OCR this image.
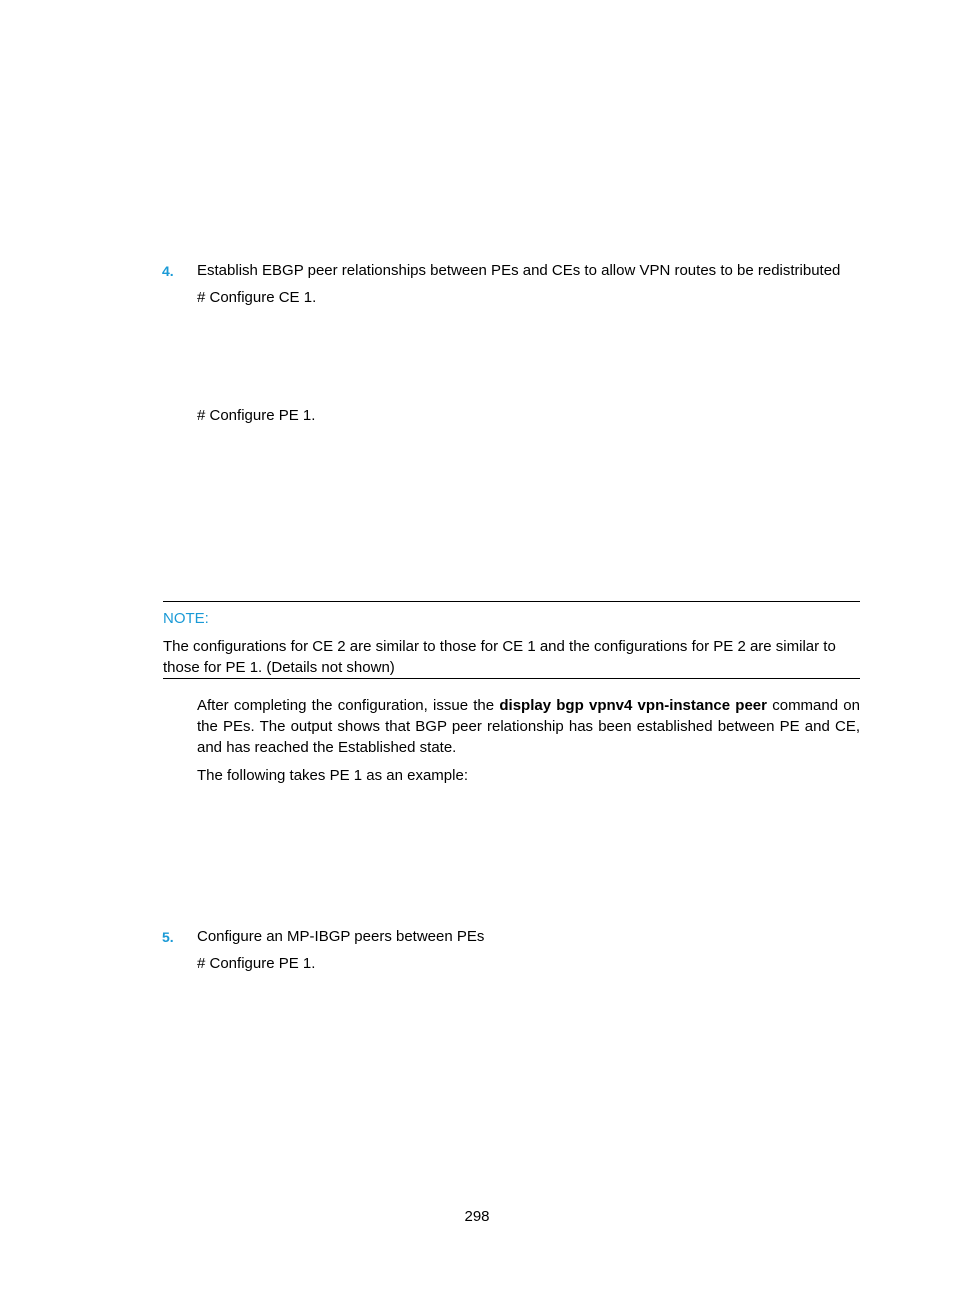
4. Establish EBGP peer relationships between PEs and CEs to allow VPN routes to be redistributed
# Configure CE 1.
# Configure PE 1.
NOTE:
The configurations for CE 2 are similar to those for CE 1 and the configurations for PE 2 are similar to those for PE 1. (Details not shown)
After completing the configuration, issue the display bgp vpnv4 vpn-instance peer command on the PEs. The output shows that BGP peer relationship has been established between PE and CE, and has reached the Established state.
The following takes PE 1 as an example:
5. Configure an MP-IBGP peers between PEs
# Configure PE 1.
298
